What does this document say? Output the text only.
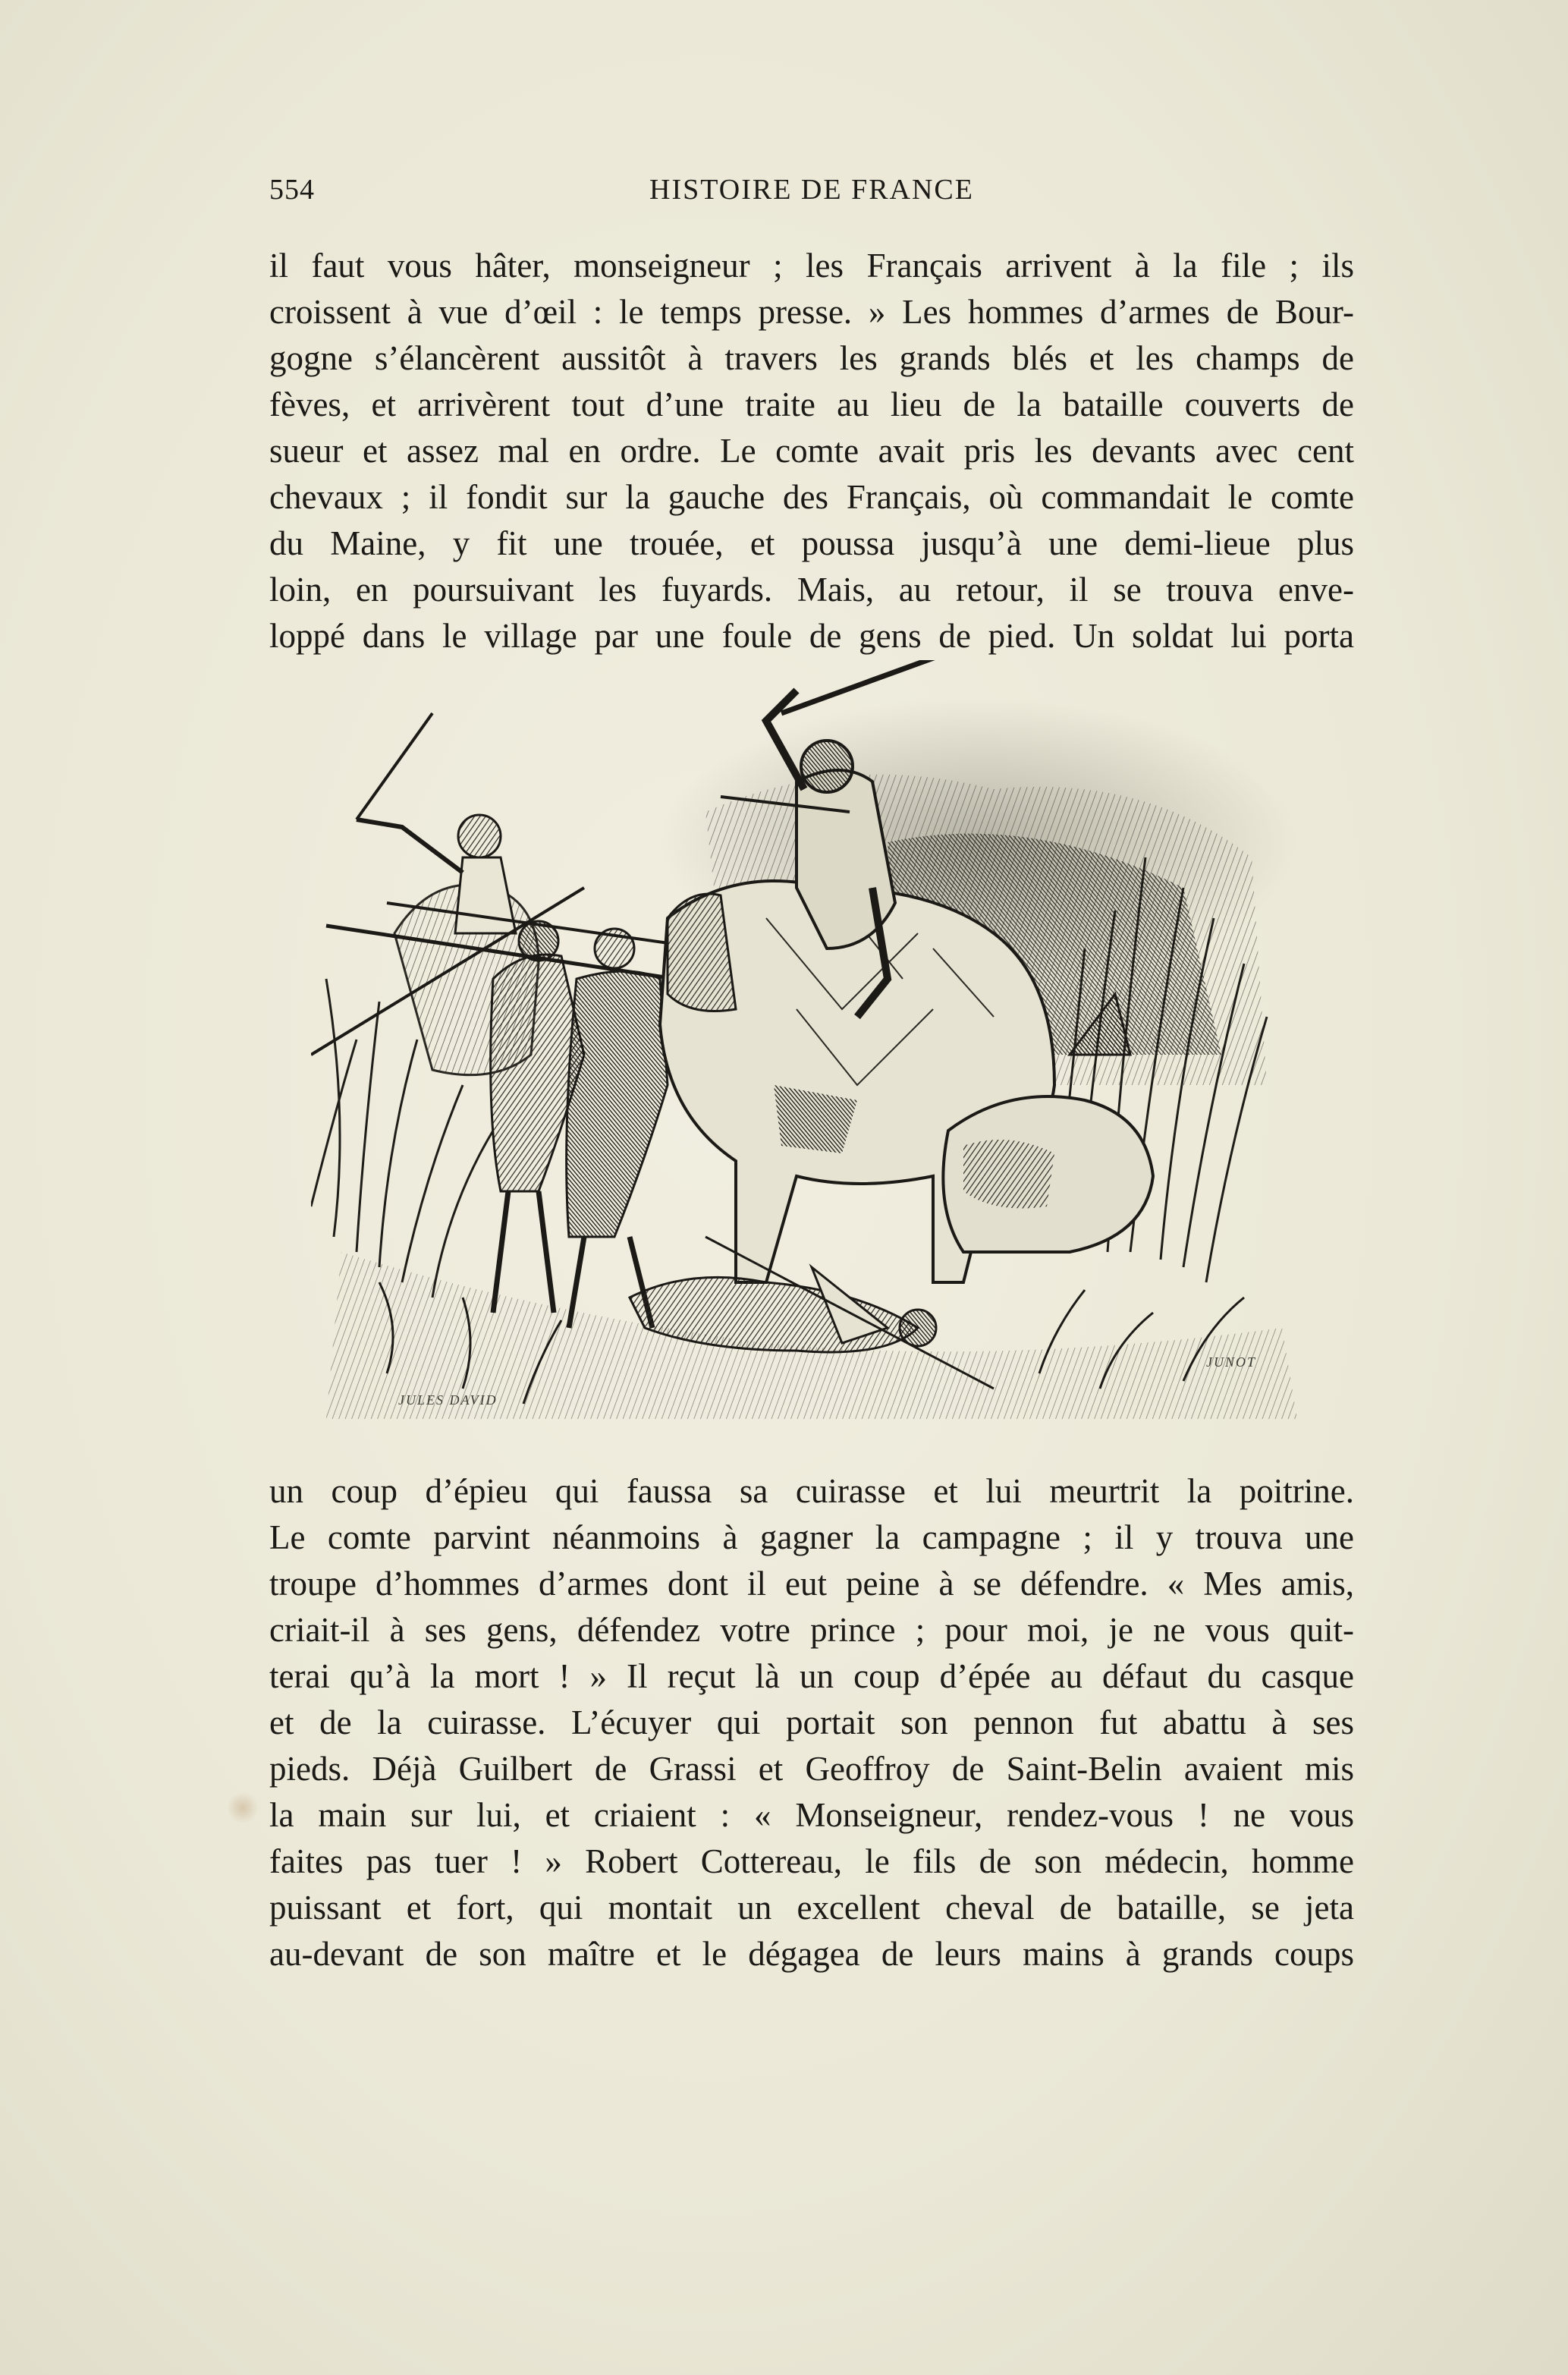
554	HISTOIRE DE FRANCE
il faut vous hâter, monseigneur ; les Français arrivent à la file ; ils
croissent à vue d’œil : le temps presse. » Les hommes d’armes de Bour-
gogne s’élancèrent aussitôt à travers les grands blés et les champs de
fèves, et arrivèrent tout d’une traite au lieu de la bataille couverts de
sueur et assez mal en ordre. Le comte avait pris les devants avec cent
chevaux ; il fondit sur la gauche des Français, où commandait le comte
du Maine, y fit une trouée, et poussa jusqu’à une demi-lieue plus
loin, en poursuivant les fuyards. Mais, au retour, il se trouva enve-
loppé dans le village par une foule de gens de pied. Un soldat lui porta
JULES DAVID
JUNOT
un coup d’épieu qui faussa sa cuirasse et lui meurtrit la poitrine.
Le comte parvint néanmoins à gagner la campagne ; il y trouva une
troupe d’hommes d’armes dont il eut peine à se défendre. « Mes amis,
criait-il à ses gens, défendez votre prince ; pour moi, je ne vous quit-
terai qu’à la mort ! » Il reçut là un coup d’épée au défaut du casque
et de la cuirasse. L’écuyer qui portait son pennon fut abattu à ses
pieds. Déjà Guilbert de Grassi et Geoffroy de Saint-Belin avaient mis
la main sur lui, et criaient : « Monseigneur, rendez-vous ! ne vous
faites pas tuer ! » Robert Cottereau, le fils de son médecin, homme
puissant et fort, qui montait un excellent cheval de bataille, se jeta
au-devant de son maître et le dégagea de leurs mains à grands coups
